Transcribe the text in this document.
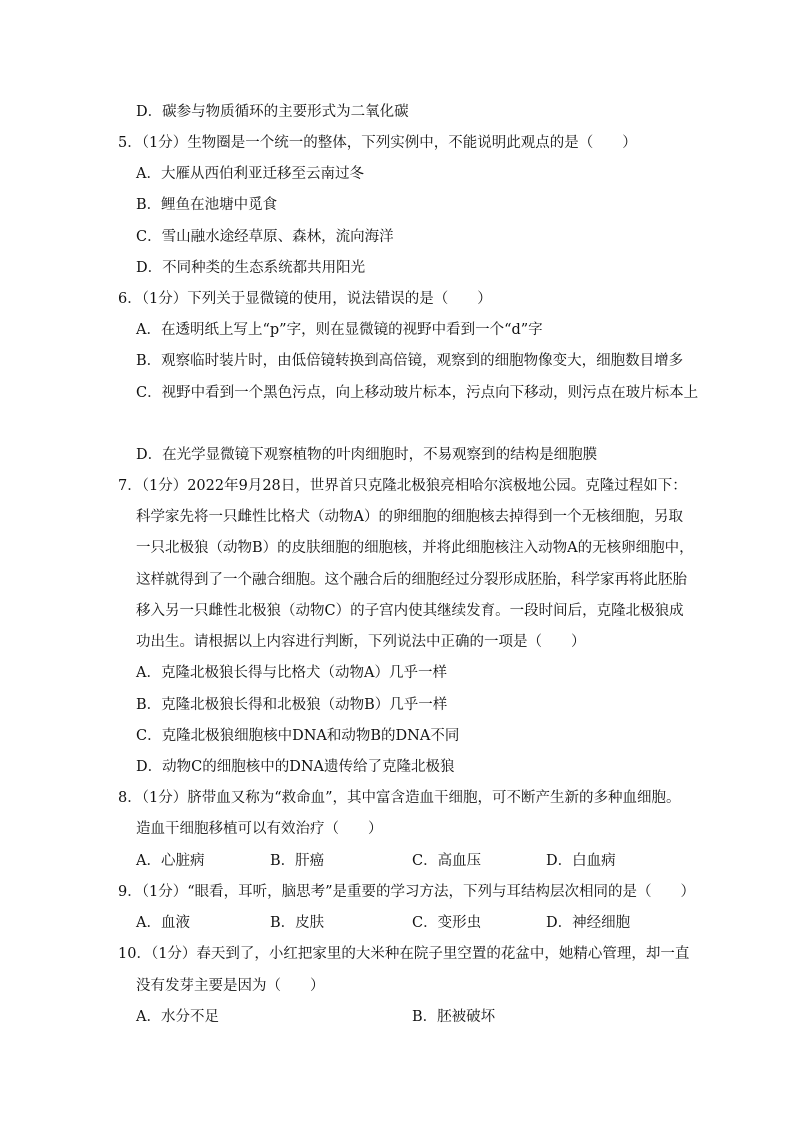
D．碳参与物质循环的主要形式为二氧化碳
5．（1分）生物圈是一个统一的整体，下列实例中，不能说明此观点的是（　　）
A．大雁从西伯利亚迁移至云南过冬
B．鲤鱼在池塘中觅食
C．雪山融水途经草原、森林，流向海洋
D．不同种类的生态系统都共用阳光
6．（1分）下列关于显微镜的使用，说法错误的是（　　）
A．在透明纸上写上“p”字，则在显微镜的视野中看到一个“d”字
B．观察临时装片时，由低倍镜转换到高倍镜，观察到的细胞物像变大，细胞数目增多
C．视野中看到一个黑色污点，向上移动玻片标本，污点向下移动，则污点在玻片标本上
D．在光学显微镜下观察植物的叶肉细胞时，不易观察到的结构是细胞膜
7．（1分）2022年9月28日，世界首只克隆北极狼亮相哈尔滨极地公园。克隆过程如下：
科学家先将一只雌性比格犬（动物A）的卵细胞的细胞核去掉得到一个无核细胞，另取
一只北极狼（动物B）的皮肤细胞的细胞核，并将此细胞核注入动物A的无核卵细胞中，
这样就得到了一个融合细胞。这个融合后的细胞经过分裂形成胚胎，科学家再将此胚胎
移入另一只雌性北极狼（动物C）的子宫内使其继续发育。一段时间后，克隆北极狼成
功出生。请根据以上内容进行判断，下列说法中正确的一项是（　　）
A．克隆北极狼长得与比格犬（动物A）几乎一样
B．克隆北极狼长得和北极狼（动物B）几乎一样
C．克隆北极狼细胞核中DNA和动物B的DNA不同
D．动物C的细胞核中的DNA遗传给了克隆北极狼
8．（1分）脐带血又称为“救命血”，其中富含造血干细胞，可不断产生新的多种血细胞。
造血干细胞移植可以有效治疗（　　）
A．心脏病	B．肝癌	C．高血压	D．白血病
9．（1分）“眼看，耳听，脑思考”是重要的学习方法，下列与耳结构层次相同的是（　　）
A．血液	B．皮肤	C．变形虫	D．神经细胞
10．（1分）春天到了，小红把家里的大米种在院子里空置的花盆中，她精心管理，却一直
没有发芽主要是因为（　　）
A．水分不足	B．胚被破坏
